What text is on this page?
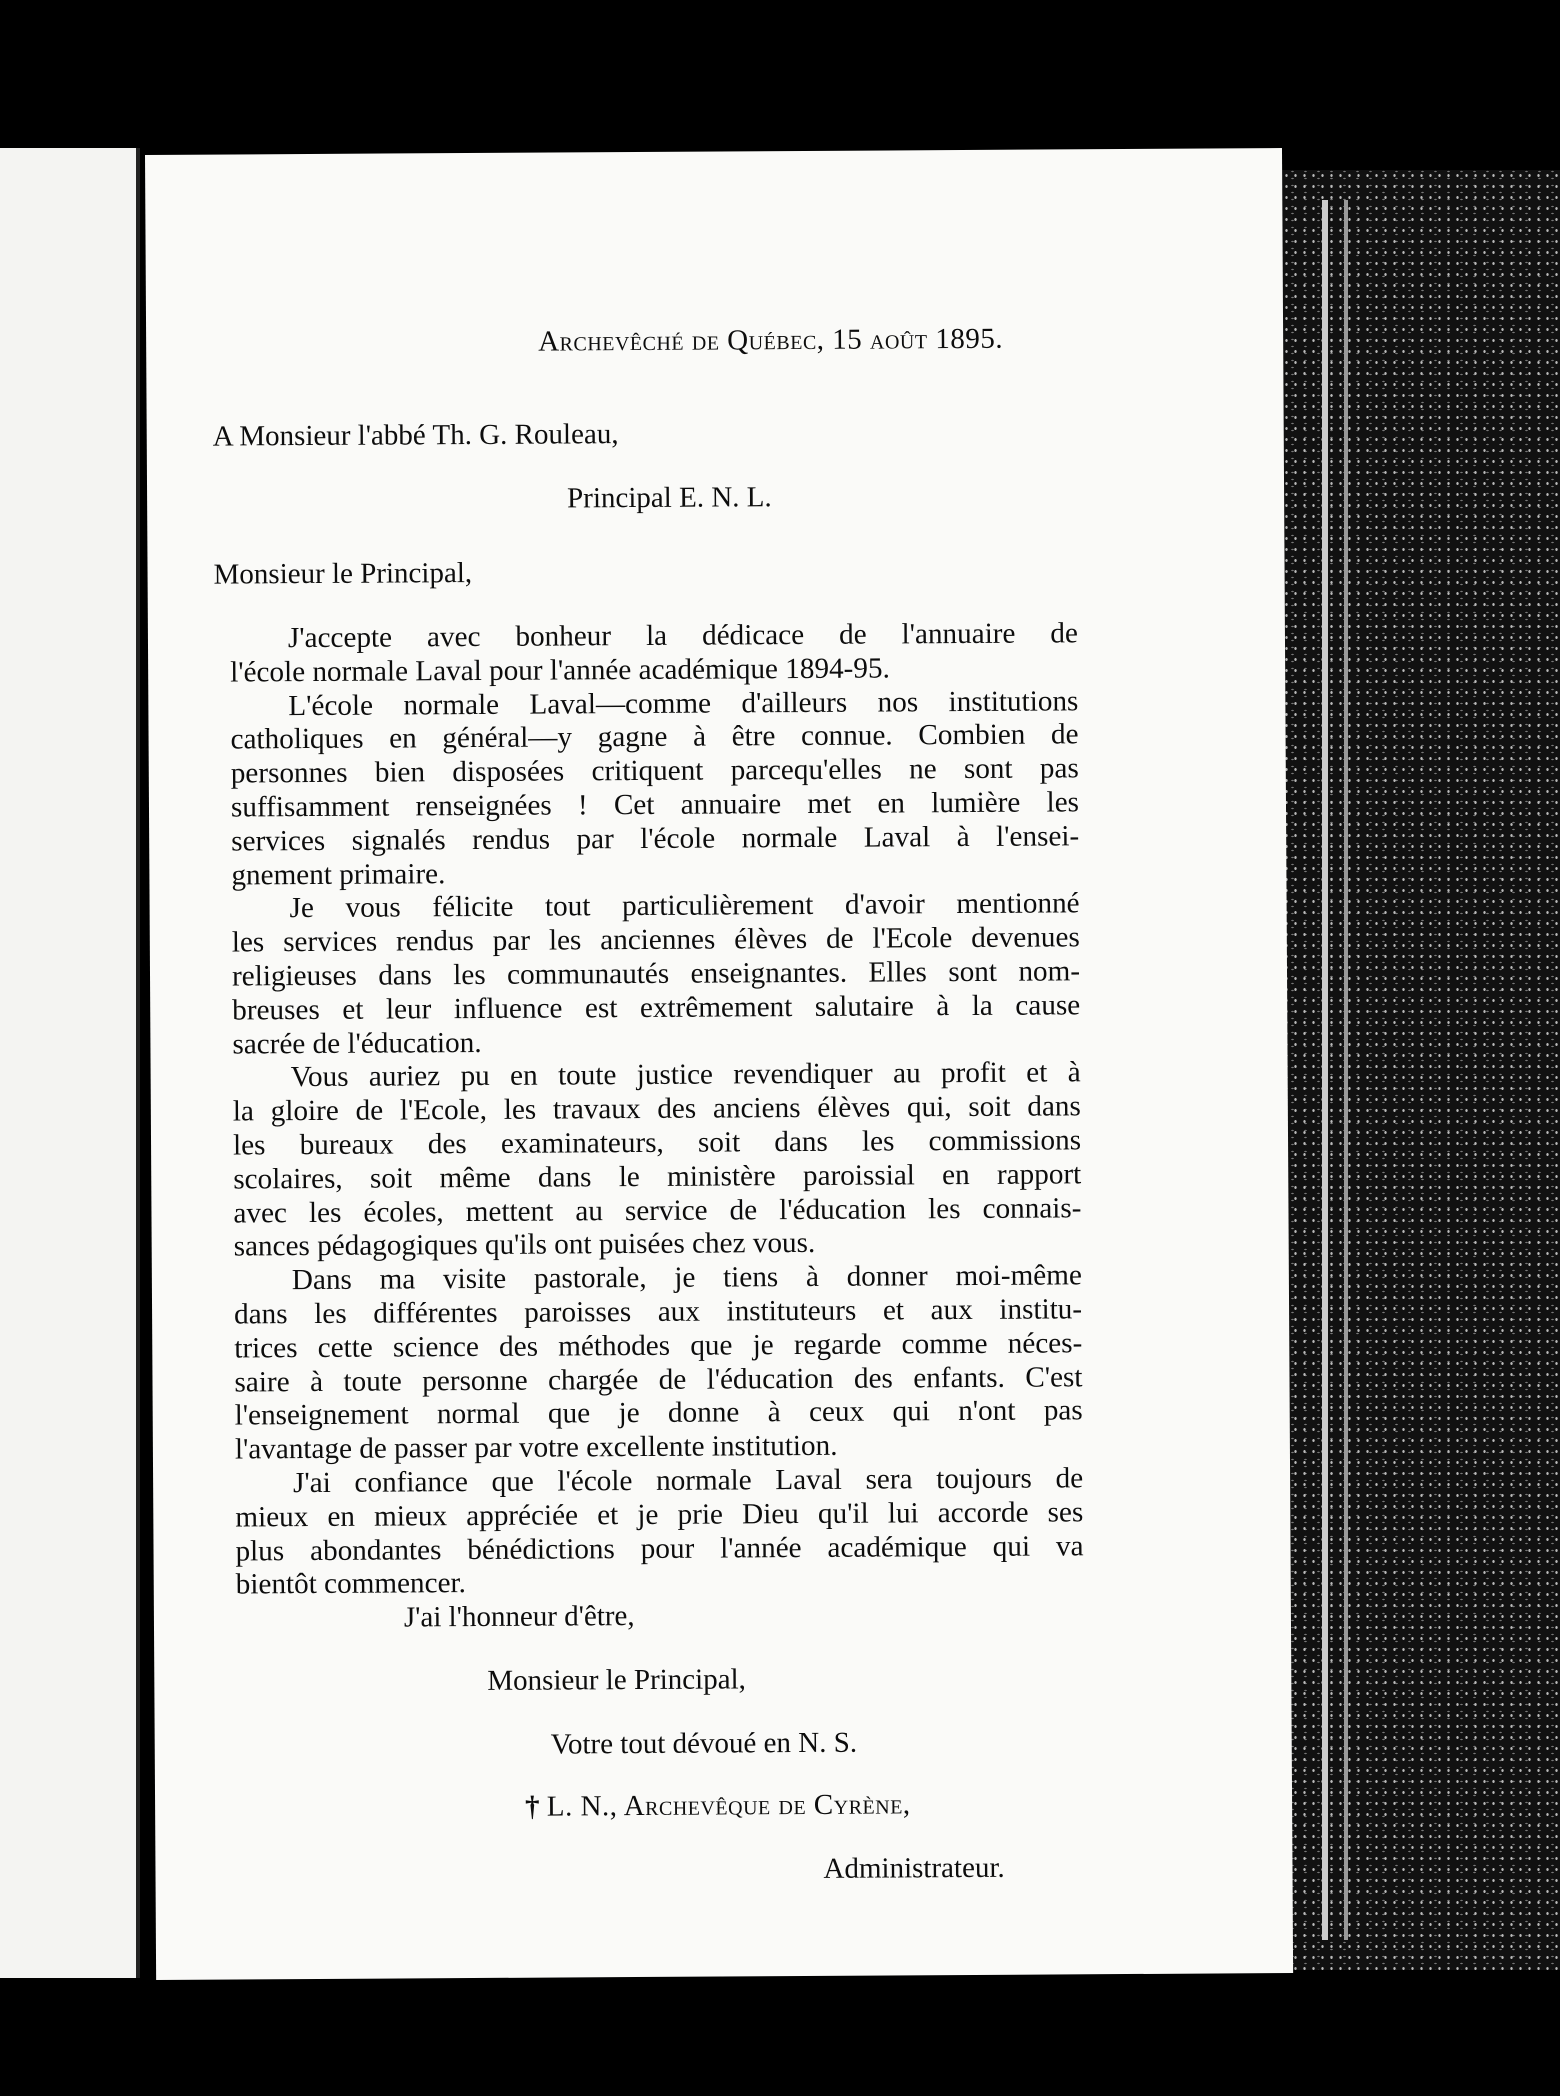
Archevêché de Québec, 15 août 1895.
A Monsieur l'abbé Th. G. Rouleau,
Principal E. N. L.
Monsieur le Principal,
J'accepte avec bonheur la dédicace de l'annuaire de
l'école normale Laval pour l'année académique 1894-95.
L'école normale Laval—comme d'ailleurs nos institutions
catholiques en général—y gagne à être connue. Combien de
personnes bien disposées critiquent parcequ'elles ne sont pas
suffisamment renseignées ! Cet annuaire met en lumière les
services signalés rendus par l'école normale Laval à l'ensei-
gnement primaire.
Je vous félicite tout particulièrement d'avoir mentionné
les services rendus par les anciennes élèves de l'Ecole devenues
religieuses dans les communautés enseignantes. Elles sont nom-
breuses et leur influence est extrêmement salutaire à la cause
sacrée de l'éducation.
Vous auriez pu en toute justice revendiquer au profit et à
la gloire de l'Ecole, les travaux des anciens élèves qui, soit dans
les bureaux des examinateurs, soit dans les commissions
scolaires, soit même dans le ministère paroissial en rapport
avec les écoles, mettent au service de l'éducation les connais-
sances pédagogiques qu'ils ont puisées chez vous.
Dans ma visite pastorale, je tiens à donner moi-même
dans les différentes paroisses aux instituteurs et aux institu-
trices cette science des méthodes que je regarde comme néces-
saire à toute personne chargée de l'éducation des enfants. C'est
l'enseignement normal que je donne à ceux qui n'ont pas
l'avantage de passer par votre excellente institution.
J'ai confiance que l'école normale Laval sera toujours de
mieux en mieux appréciée et je prie Dieu qu'il lui accorde ses
plus abondantes bénédictions pour l'année académique qui va
bientôt commencer.
J'ai l'honneur d'être,
Monsieur le Principal,
Votre tout dévoué en N. S.
† L. N., Archevêque de Cyrène,
Administrateur.
